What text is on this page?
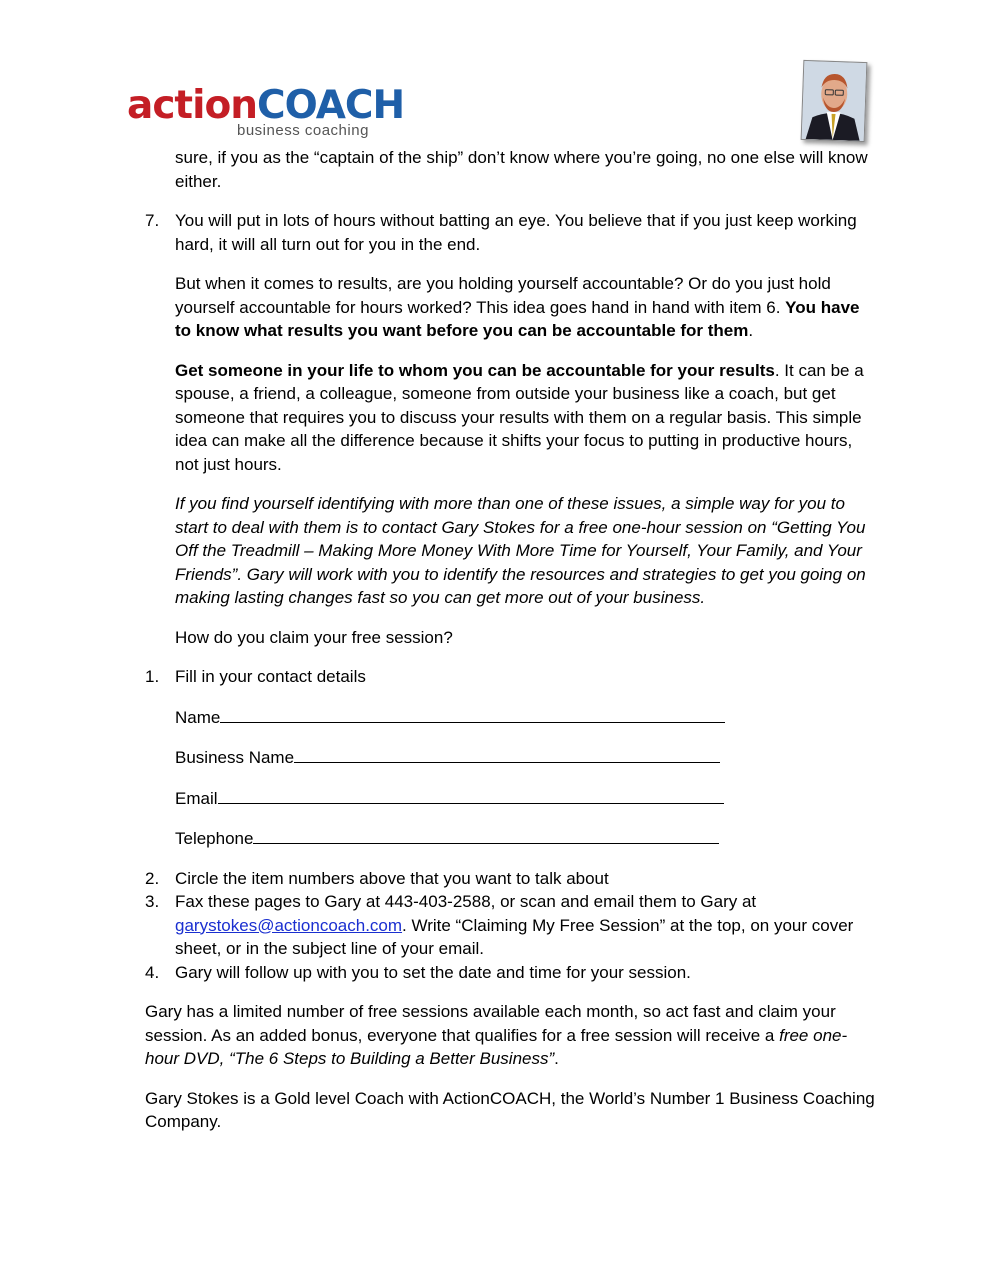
actionCOACH
business coaching

sure, if you as the “captain of the ship” don’t know where you’re going, no one else will know either.

7. You will put in lots of hours without batting an eye. You believe that if you just keep working hard, it will all turn out for you in the end.

But when it comes to results, are you holding yourself accountable? Or do you just hold yourself accountable for hours worked? This idea goes hand in hand with item 6. You have to know what results you want before you can be accountable for them.

Get someone in your life to whom you can be accountable for your results. It can be a spouse, a friend, a colleague, someone from outside your business like a coach, but get someone that requires you to discuss your results with them on a regular basis. This simple idea can make all the difference because it shifts your focus to putting in productive hours, not just hours.

If you find yourself identifying with more than one of these issues, a simple way for you to start to deal with them is to contact Gary Stokes for a free one-hour session on “Getting You Off the Treadmill – Making More Money With More Time for Yourself, Your Family, and Your Friends”. Gary will work with you to identify the resources and strategies to get you going on making lasting changes fast so you can get more out of your business.

How do you claim your free session?

1. Fill in your contact details
Name
Business Name
Email
Telephone
2. Circle the item numbers above that you want to talk about
3. Fax these pages to Gary at 443-403-2588, or scan and email them to Gary at garystokes@actioncoach.com. Write “Claiming My Free Session” at the top, on your cover sheet, or in the subject line of your email.
4. Gary will follow up with you to set the date and time for your session.

Gary has a limited number of free sessions available each month, so act fast and claim your session. As an added bonus, everyone that qualifies for a free session will receive a free one-hour DVD, “The 6 Steps to Building a Better Business”.

Gary Stokes is a Gold level Coach with ActionCOACH, the World’s Number 1 Business Coaching Company.
